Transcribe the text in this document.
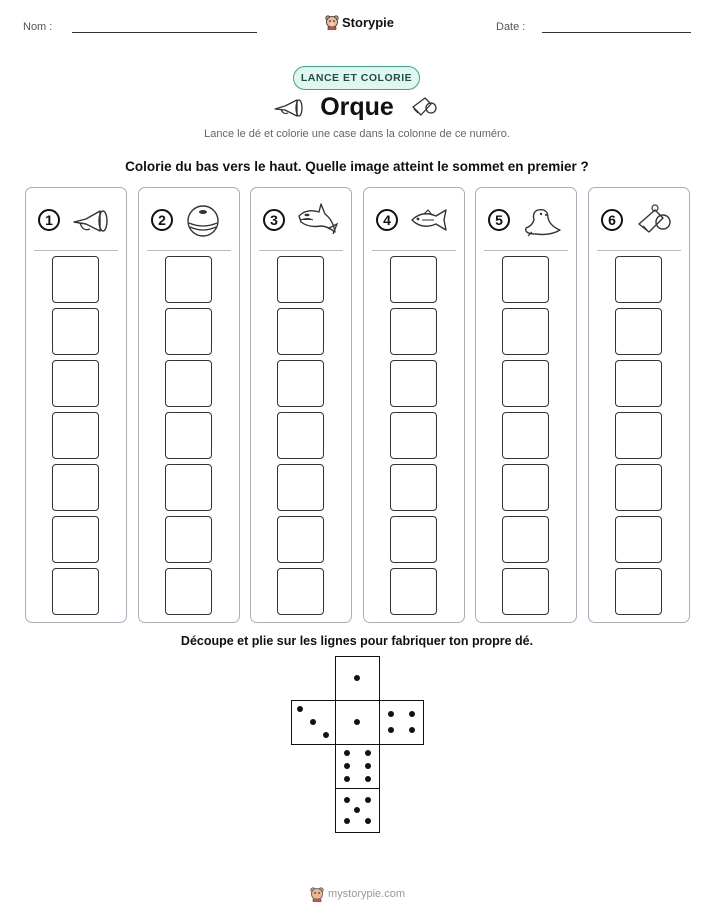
Nom :	Storypie	Date :
LANCE ET COLORIE
Orque
Lance le dé et colorie une case dans la colonne de ce numéro.
Colorie du bas vers le haut. Quelle image atteint le sommet en premier ?
1	2	3	4	5	6
Découpe et plie sur les lignes pour fabriquer ton propre dé.
mystorypie.com
